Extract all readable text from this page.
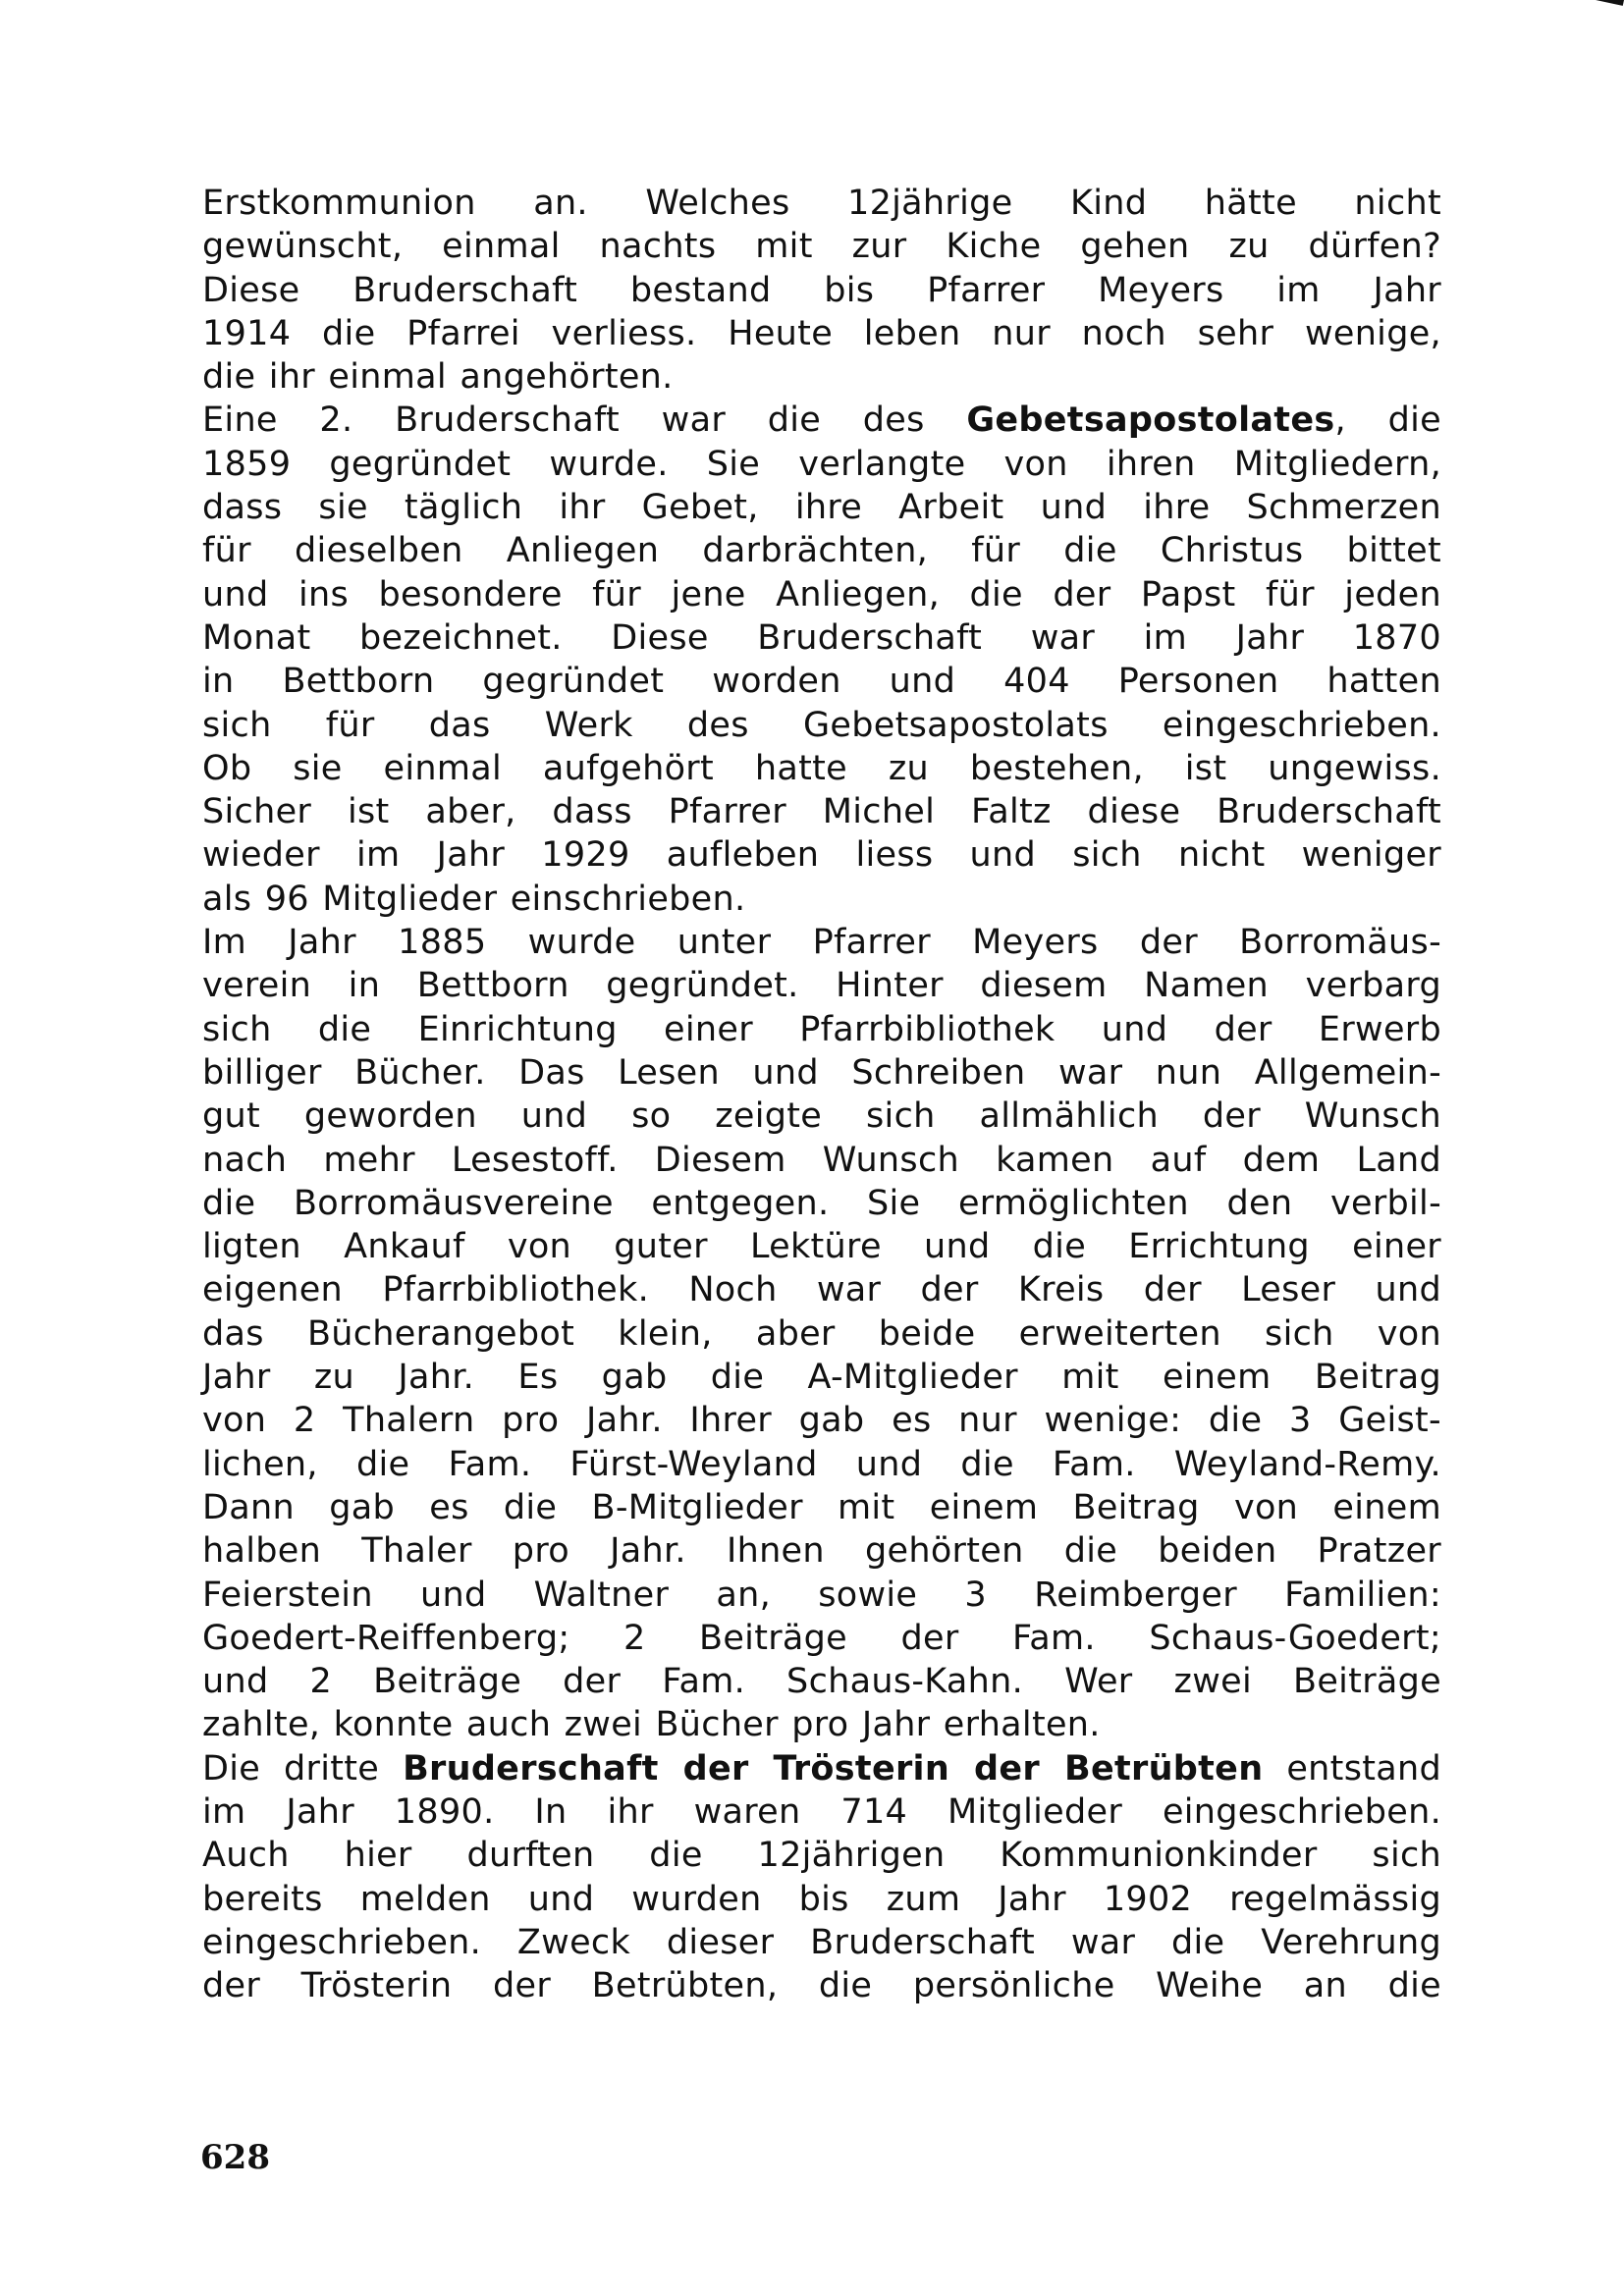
Erstkommunion an. Welches 12jährige Kind hätte nicht
gewünscht, einmal nachts mit zur Kiche gehen zu dürfen?
Diese Bruderschaft bestand bis Pfarrer Meyers im Jahr
1914 die Pfarrei verliess. Heute leben nur noch sehr wenige,
die ihr einmal angehörten.
Eine 2. Bruderschaft war die des Gebetsapostolates, die
1859 gegründet wurde. Sie verlangte von ihren Mitgliedern,
dass sie täglich ihr Gebet, ihre Arbeit und ihre Schmerzen
für dieselben Anliegen darbrächten, für die Christus bittet
und ins besondere für jene Anliegen, die der Papst für jeden
Monat bezeichnet. Diese Bruderschaft war im Jahr 1870
in Bettborn gegründet worden und 404 Personen hatten
sich für das Werk des Gebetsapostolats eingeschrieben.
Ob sie einmal aufgehört hatte zu bestehen, ist ungewiss.
Sicher ist aber, dass Pfarrer Michel Faltz diese Bruderschaft
wieder im Jahr 1929 aufleben liess und sich nicht weniger
als 96 Mitglieder einschrieben.
Im Jahr 1885 wurde unter Pfarrer Meyers der Borromäus-
verein in Bettborn gegründet. Hinter diesem Namen verbarg
sich die Einrichtung einer Pfarrbibliothek und der Erwerb
billiger Bücher. Das Lesen und Schreiben war nun Allgemein-
gut geworden und so zeigte sich allmählich der Wunsch
nach mehr Lesestoff. Diesem Wunsch kamen auf dem Land
die Borromäusvereine entgegen. Sie ermöglichten den verbil-
ligten Ankauf von guter Lektüre und die Errichtung einer
eigenen Pfarrbibliothek. Noch war der Kreis der Leser und
das Bücherangebot klein, aber beide erweiterten sich von
Jahr zu Jahr. Es gab die A-Mitglieder mit einem Beitrag
von 2 Thalern pro Jahr. Ihrer gab es nur wenige: die 3 Geist-
lichen, die Fam. Fürst-Weyland und die Fam. Weyland-Remy.
Dann gab es die B-Mitglieder mit einem Beitrag von einem
halben Thaler pro Jahr. Ihnen gehörten die beiden Pratzer
Feierstein und Waltner an, sowie 3 Reimberger Familien:
Goedert-Reiffenberg; 2 Beiträge der Fam. Schaus-Goedert;
und 2 Beiträge der Fam. Schaus-Kahn. Wer zwei Beiträge
zahlte, konnte auch zwei Bücher pro Jahr erhalten.
Die dritte Bruderschaft der Trösterin der Betrübten entstand
im Jahr 1890. In ihr waren 714 Mitglieder eingeschrieben.
Auch hier durften die 12jährigen Kommunionkinder sich
bereits melden und wurden bis zum Jahr 1902 regelmässig
eingeschrieben. Zweck dieser Bruderschaft war die Verehrung
der Trösterin der Betrübten, die persönliche Weihe an die
628
